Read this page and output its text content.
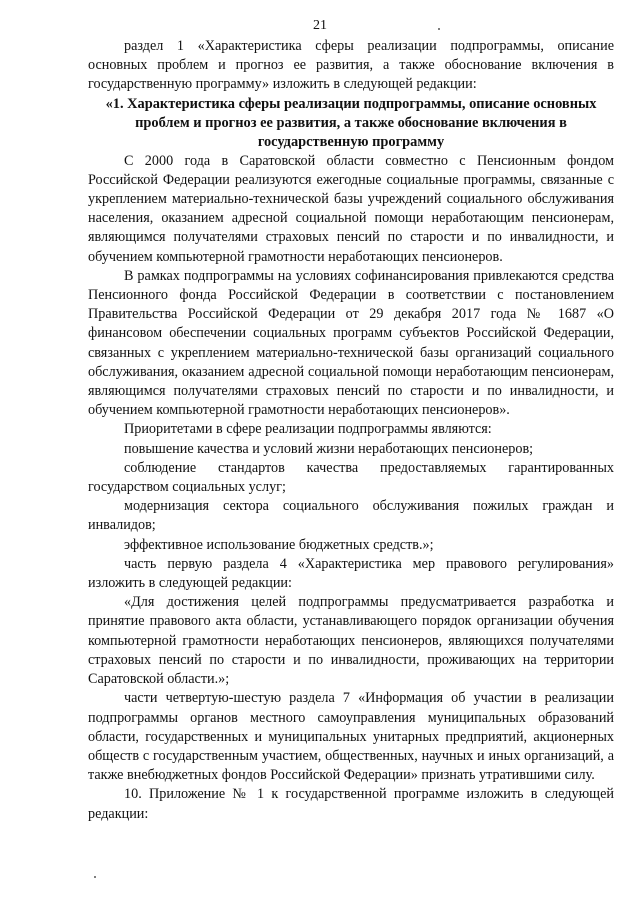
21

раздел 1 «Характеристика сферы реализации подпрограммы, описание основных проблем и прогноз ее развития, а также обоснование включения в государственную программу» изложить в следующей редакции:

«1. Характеристика сферы реализации подпрограммы, описание основных проблем и прогноз ее развития, а также обоснование включения в государственную программу

С 2000 года в Саратовской области совместно с Пенсионным фондом Российской Федерации реализуются ежегодные социальные программы, связанные с укреплением материально-технической базы учреждений социального обслуживания населения, оказанием адресной социальной помощи неработающим пенсионерам, являющимся получателями страховых пенсий по старости и по инвалидности, и обучением компьютерной грамотности неработающих пенсионеров.

В рамках подпрограммы на условиях софинансирования привлекаются средства Пенсионного фонда Российской Федерации в соответствии с постановлением Правительства Российской Федерации от 29 декабря 2017 года № 1687 «О финансовом обеспечении социальных программ субъектов Российской Федерации, связанных с укреплением материально-технической базы организаций социального обслуживания, оказанием адресной социальной помощи неработающим пенсионерам, являющимся получателями страховых пенсий по старости и по инвалидности, и обучением компьютерной грамотности неработающих пенсионеров».

Приоритетами в сфере реализации подпрограммы являются:

повышение качества и условий жизни неработающих пенсионеров;

соблюдение стандартов качества предоставляемых гарантированных государством социальных услуг;

модернизация сектора социального обслуживания пожилых граждан и инвалидов;

эффективное использование бюджетных средств.»;

часть первую раздела 4 «Характеристика мер правового регулирования» изложить в следующей редакции:

«Для достижения целей подпрограммы предусматривается разработка и принятие правового акта области, устанавливающего порядок организации обучения компьютерной грамотности неработающих пенсионеров, являющихся получателями страховых пенсий по старости и по инвалидности, проживающих на территории Саратовской области.»;

части четвертую-шестую раздела 7 «Информация об участии в реализации подпрограммы органов местного самоуправления муниципальных образований области, государственных и муниципальных унитарных предприятий, акционерных обществ с государственным участием, общественных, научных и иных организаций, а также внебюджетных фондов Российской Федерации» признать утратившими силу.

10. Приложение № 1 к государственной программе изложить в следующей редакции:
